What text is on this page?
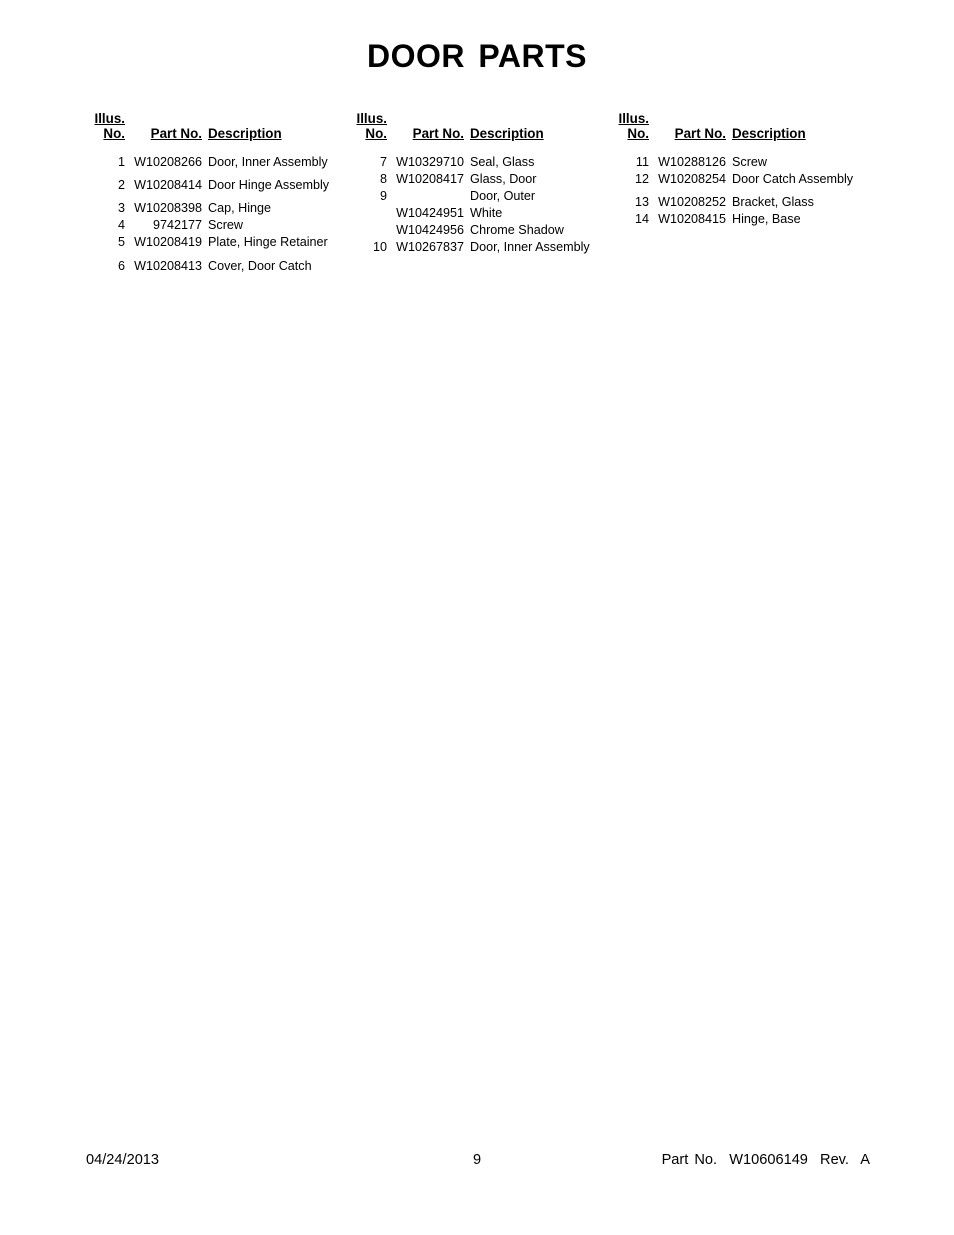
DOOR PARTS
Illus.
No.	Part No. Description
1 W10208266 Door, Inner Assembly
2 W10208414 Door Hinge Assembly
3 W10208398 Cap, Hinge
4	9742177 Screw
5 W10208419 Plate, Hinge Retainer
6 W10208413 Cover, Door Catch
Illus.
No.	Part No. Description
7 W10329710 Seal, Glass
8 W10208417 Glass, Door
9	Door, Outer
W10424951 White
W10424956 Chrome Shadow
10 W10267837 Door, Inner Assembly
Illus.
No.	Part No. Description
11 W10288126 Screw
12 W10208254 Door Catch Assembly
13 W10208252 Bracket, Glass
14 W10208415 Hinge, Base
04/24/2013	9	Part No.  W10606149  Rev.  A
